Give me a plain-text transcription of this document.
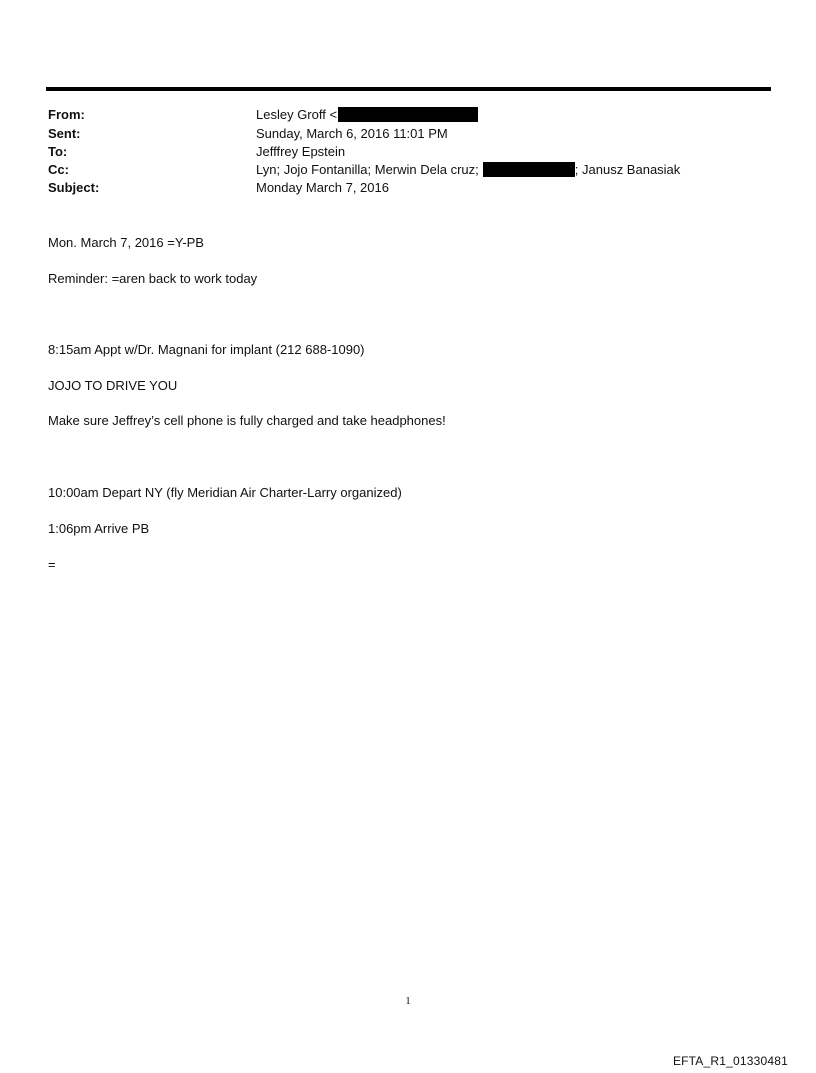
From:	Lesley Groff <
Sent:	Sunday, March 6, 2016 11:01 PM
To:	Jefffrey Epstein
Cc:	Lyn; Jojo Fontanilla; Merwin Dela cruz;	; Janusz Banasiak
Subject:	Monday March 7, 2016
Mon. March 7, 2016 =Y-PB
Reminder: =aren back to work today
8:15am Appt w/Dr. Magnani for implant (212 688-1090)
JOJO TO DRIVE YOU
Make sure Jeffrey’s cell phone is fully charged and take headphones!
10:00am Depart NY (fly Meridian Air Charter-Larry organized)
1:06pm Arrive PB
=
1
EFTA_R1_01330481
